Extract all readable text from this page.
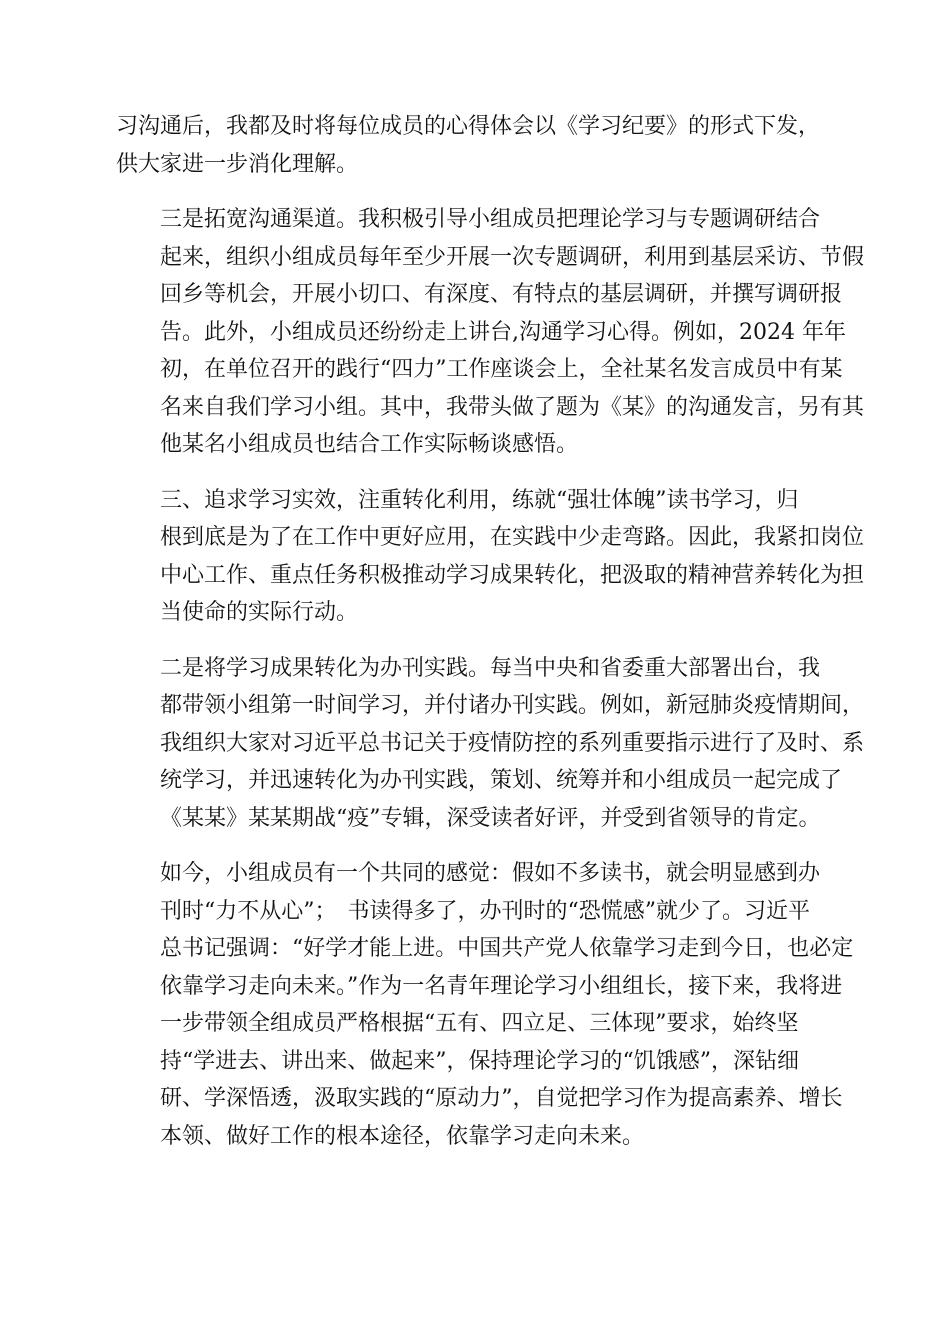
习沟通后，我都及时将每位成员的心得体会以《学习纪要》的形式下发，
供大家进一步消化理解。

三是拓宽沟通渠道。我积极引导小组成员把理论学习与专题调研结合
起来，组织小组成员每年至少开展一次专题调研，利用到基层采访、节假
回乡等机会，开展小切口、有深度、有特点的基层调研，并撰写调研报
告。此外，小组成员还纷纷走上讲台,沟通学习心得。例如，2024 年年
初，在单位召开的践行“四力”工作座谈会上，全社某名发言成员中有某
名来自我们学习小组。其中，我带头做了题为《某》的沟通发言，另有其
他某名小组成员也结合工作实际畅谈感悟。

三、追求学习实效，注重转化利用，练就“强壮体魄”读书学习，归
根到底是为了在工作中更好应用，在实践中少走弯路。因此，我紧扣岗位
中心工作、重点任务积极推动学习成果转化，把汲取的精神营养转化为担
当使命的实际行动。

二是将学习成果转化为办刊实践。每当中央和省委重大部署出台，我
都带领小组第一时间学习，并付诸办刊实践。例如，新冠肺炎疫情期间，
我组织大家对习近平总书记关于疫情防控的系列重要指示进行了及时、系
统学习，并迅速转化为办刊实践，策划、统筹并和小组成员一起完成了
《某某》某某期战“疫”专辑，深受读者好评，并受到省领导的肯定。

如今，小组成员有一个共同的感觉：假如不多读书，就会明显感到办
刊时“力不从心”；　书读得多了，办刊时的“恐慌感”就少了。习近平
总书记强调：“好学才能上进。中国共产党人依靠学习走到今日，也必定
依靠学习走向未来。”作为一名青年理论学习小组组长，接下来，我将进
一步带领全组成员严格根据“五有、四立足、三体现”要求，始终坚
持“学进去、讲出来、做起来”，保持理论学习的“饥饿感”，深钻细
研、学深悟透，汲取实践的“原动力”，自觉把学习作为提高素养、增长
本领、做好工作的根本途径，依靠学习走向未来。
